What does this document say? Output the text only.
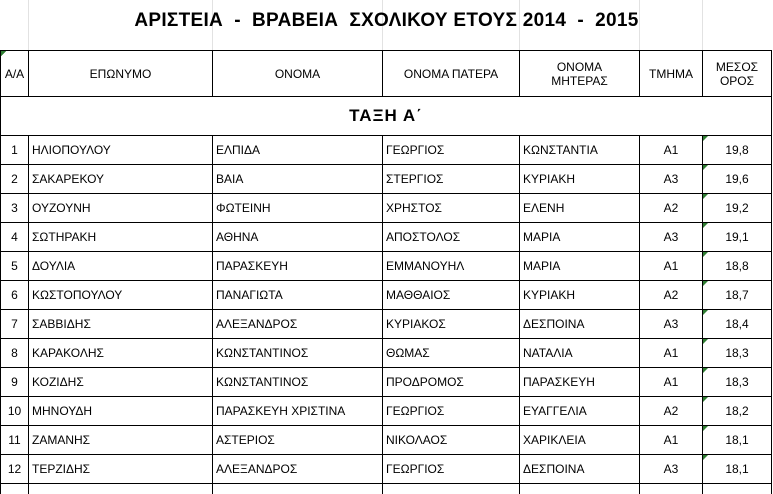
ΑΡΙΣΤΕΙΑ  -  ΒΡΑΒΕΙΑ  ΣΧΟΛΙΚΟΥ ΕΤΟΥΣ 2014  -  2015
Α/Α	ΕΠΩΝΥΜΟ	ΟΝΟΜΑ	ΟΝΟΜΑ ΠΑΤΕΡΑ	ΟΝΟΜΑ ΜΗΤΕΡΑΣ	ΤΜΗΜΑ	ΜΕΣΟΣ ΟΡΟΣ
ΤΑΞΗ Α΄						
1	ΗΛΙΟΠΟΥΛΟΥ	ΕΛΠΙΔΑ	ΓΕΩΡΓΙΟΣ	ΚΩΝΣΤΑΝΤΙΑ	Α1	19,8
2	ΣΑΚΑΡΕΚΟΥ	ΒΑΙΑ	ΣΤΕΡΓΙΟΣ	ΚΥΡΙΑΚΗ	Α3	19,6
3	ΟΥΖΟΥΝΗ	ΦΩΤΕΙΝΗ	ΧΡΗΣΤΟΣ	ΕΛΕΝΗ	Α2	19,2
4	ΣΩΤΗΡΑΚΗ	ΑΘΗΝΑ	ΑΠΟΣΤΟΛΟΣ	ΜΑΡΙΑ	Α3	19,1
5	ΔΟΥΛΙΑ	ΠΑΡΑΣΚΕΥΗ	ΕΜΜΑΝΟΥΗΛ	ΜΑΡΙΑ	Α1	18,8
6	ΚΩΣΤΟΠΟΥΛΟΥ	ΠΑΝΑΓΙΩΤΑ	ΜΑΘΘΑΙΟΣ	ΚΥΡΙΑΚΗ	Α2	18,7
7	ΣΑΒΒΙΔΗΣ	ΑΛΕΞΑΝΔΡΟΣ	ΚΥΡΙΑΚΟΣ	ΔΕΣΠΟΙΝΑ	Α3	18,4
8	ΚΑΡΑΚΟΛΗΣ	ΚΩΝΣΤΑΝΤΙΝΟΣ	ΘΩΜΑΣ	ΝΑΤΑΛΙΑ	Α1	18,3
9	ΚΟΖΙΔΗΣ	ΚΩΝΣΤΑΝΤΙΝΟΣ	ΠΡΟΔΡΟΜΟΣ	ΠΑΡΑΣΚΕΥΗ	Α1	18,3
10	ΜΗΝΟΥΔΗ	ΠΑΡΑΣΚΕΥΗ ΧΡΙΣΤΙΝΑ	ΓΕΩΡΓΙΟΣ	ΕΥΑΓΓΕΛΙΑ	Α2	18,2
11	ΖΑΜΑΝΗΣ	ΑΣΤΕΡΙΟΣ	ΝΙΚΟΛΑΟΣ	ΧΑΡΙΚΛΕΙΑ	Α1	18,1
12	ΤΕΡΖΙΔΗΣ	ΑΛΕΞΑΝΔΡΟΣ	ΓΕΩΡΓΙΟΣ	ΔΕΣΠΟΙΝΑ	Α3	18,1
